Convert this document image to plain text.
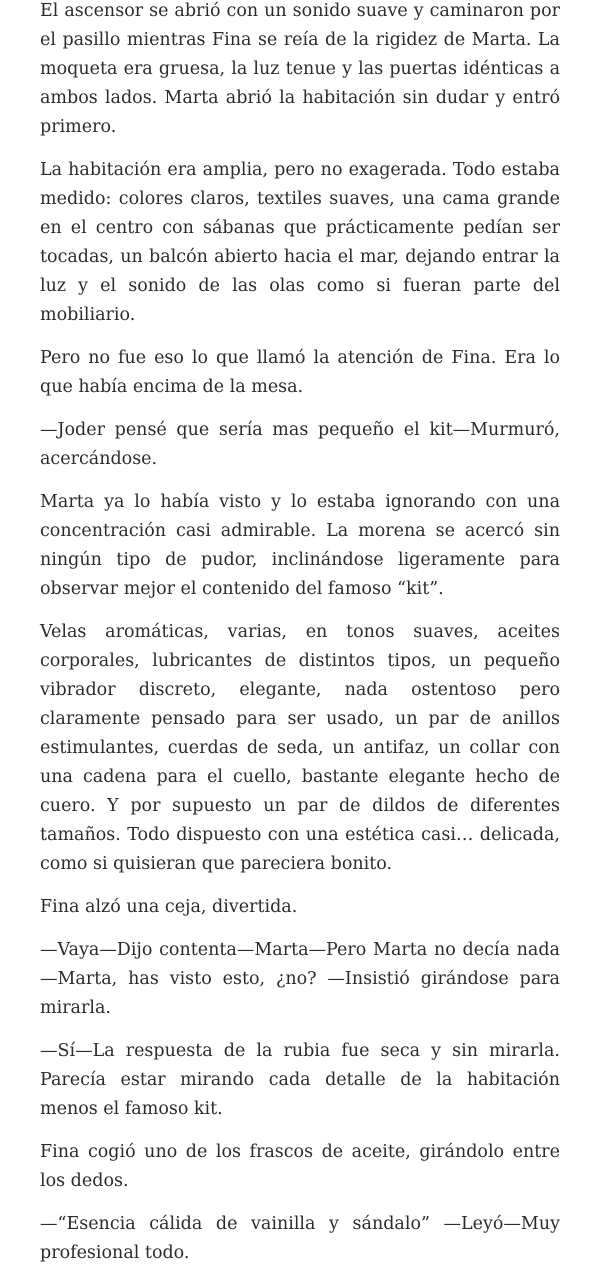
El ascensor se abrió con un sonido suave y caminaron por el pasillo mientras Fina se reía de la rigidez de Marta. La moqueta era gruesa, la luz tenue y las puertas idénticas a ambos lados. Marta abrió la habitación sin dudar y entró primero.

La habitación era amplia, pero no exagerada. Todo estaba medido: colores claros, textiles suaves, una cama grande en el centro con sábanas que prácticamente pedían ser tocadas, un balcón abierto hacia el mar, dejando entrar la luz y el sonido de las olas como si fueran parte del mobiliario.

Pero no fue eso lo que llamó la atención de Fina. Era lo que había encima de la mesa.

—Joder pensé que sería mas pequeño el kit—Murmuró, acercándose.

Marta ya lo había visto y lo estaba ignorando con una concentración casi admirable. La morena se acercó sin ningún tipo de pudor, inclinándose ligeramente para observar mejor el contenido del famoso “kit”.

Velas aromáticas, varias, en tonos suaves, aceites corporales, lubricantes de distintos tipos, un pequeño vibrador discreto, elegante, nada ostentoso pero claramente pensado para ser usado, un par de anillos estimulantes, cuerdas de seda, un antifaz, un collar con una cadena para el cuello, bastante elegante hecho de cuero. Y por supuesto un par de dildos de diferentes tamaños. Todo dispuesto con una estética casi… delicada, como si quisieran que pareciera bonito.

Fina alzó una ceja, divertida.

—Vaya—Dijo contenta—Marta—Pero Marta no decía nada—Marta, has visto esto, ¿no? —Insistió girándose para mirarla.

—Sí—La respuesta de la rubia fue seca y sin mirarla. Parecía estar mirando cada detalle de la habitación menos el famoso kit.

Fina cogió uno de los frascos de aceite, girándolo entre los dedos.

—“Esencia cálida de vainilla y sándalo” —Leyó—Muy profesional todo.
